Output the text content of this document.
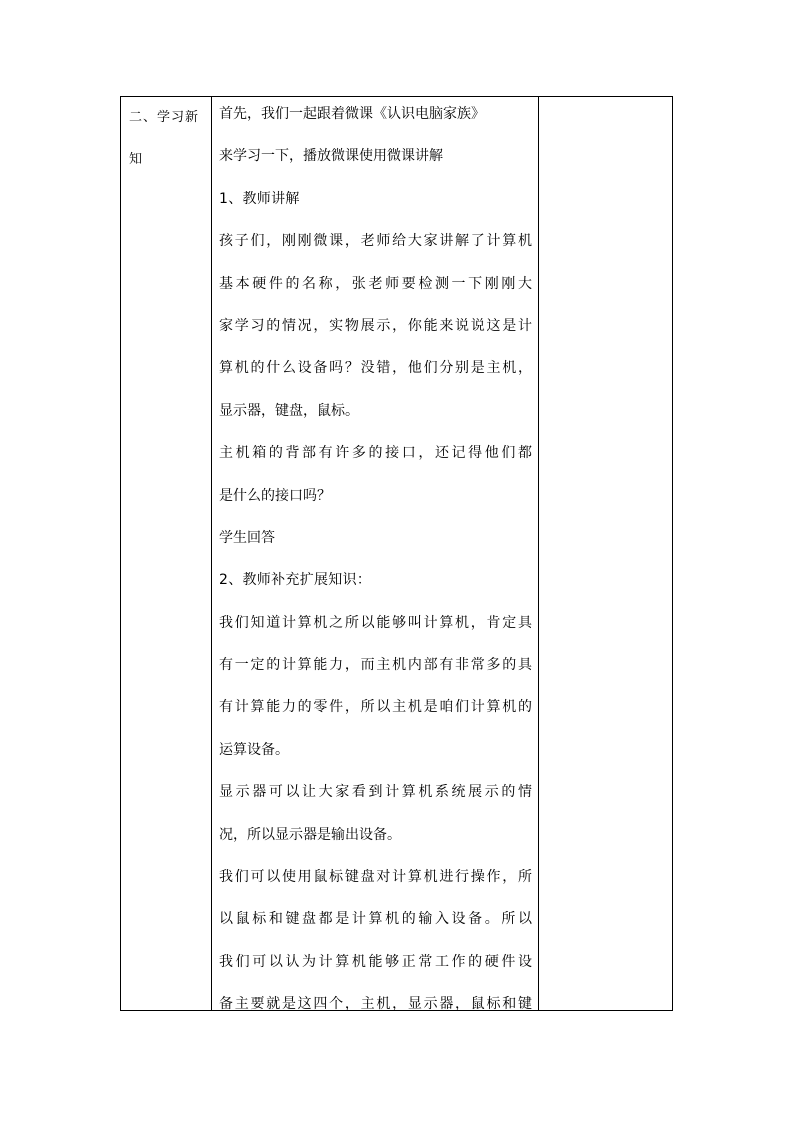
二、学习新知
首先，我们一起跟着微课《认识电脑家族》
来学习一下，播放微课使用微课讲解
1、教师讲解
孩子们，刚刚微课，老师给大家讲解了计算机
基本硬件的名称，张老师要检测一下刚刚大
家学习的情况，实物展示，你能来说说这是计
算机的什么设备吗？没错，他们分别是主机，
显示器，键盘，鼠标。
主机箱的背部有许多的接口，还记得他们都
是什么的接口吗？
学生回答
2、教师补充扩展知识：
我们知道计算机之所以能够叫计算机，肯定具
有一定的计算能力，而主机内部有非常多的具
有计算能力的零件，所以主机是咱们计算机的
运算设备。
显示器可以让大家看到计算机系统展示的情
况，所以显示器是输出设备。
我们可以使用鼠标键盘对计算机进行操作，所
以鼠标和键盘都是计算机的输入设备。所以
我们可以认为计算机能够正常工作的硬件设
备主要就是这四个，主机，显示器，鼠标和键
